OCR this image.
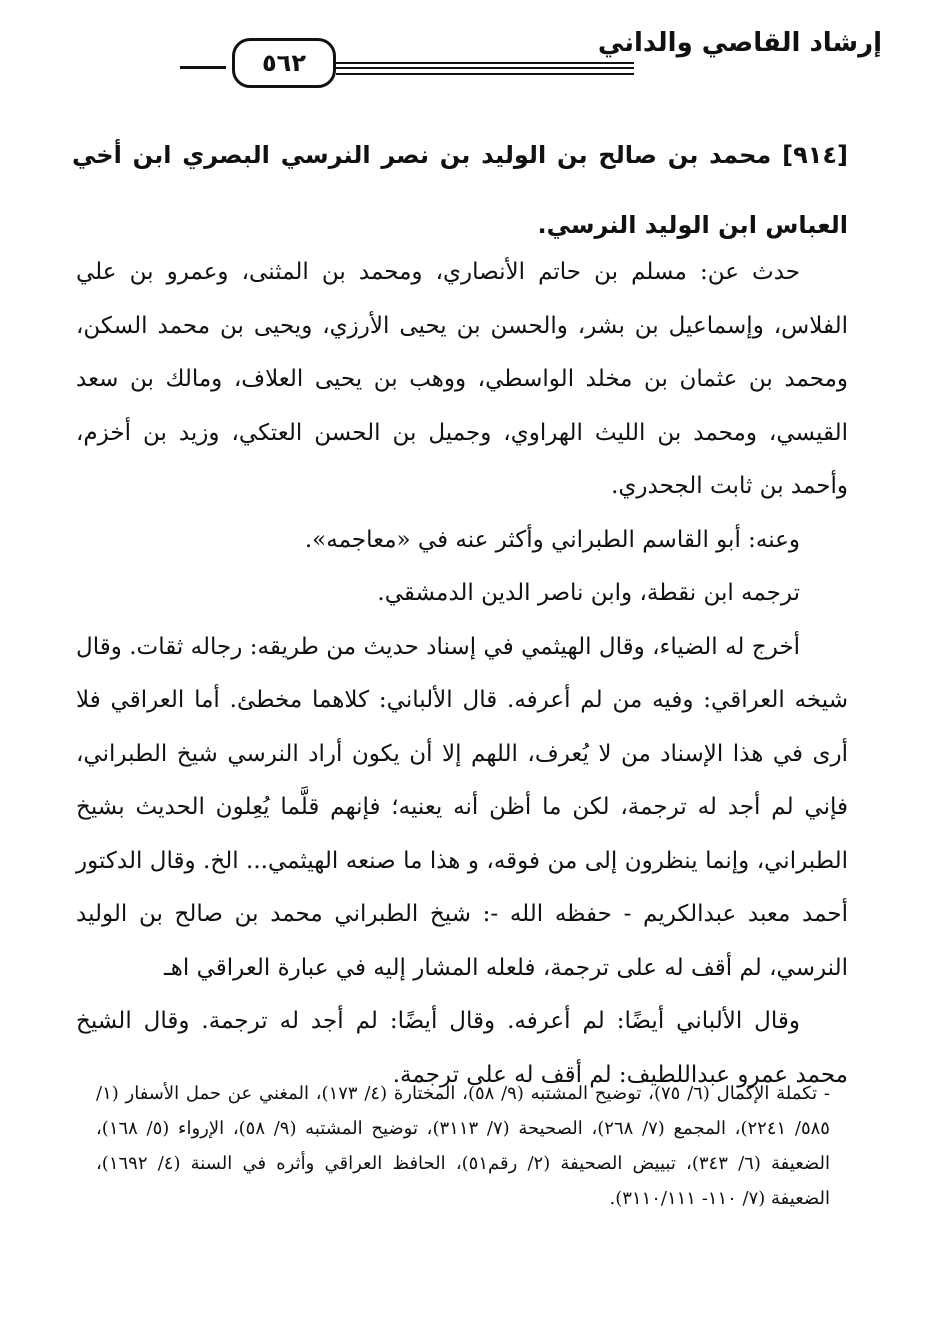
إرشاد القاصي والداني
٥٦٢
[٩١٤] محمد بن صالح بن الوليد بن نصر النرسي البصري ابن أخي العباس ابن الوليد النرسي.

حدث عن: مسلم بن حاتم الأنصاري، ومحمد بن المثنى، وعمرو بن علي الفلاس، وإسماعيل بن بشر، والحسن بن يحيى الأرزي، ويحيى بن محمد السكن، ومحمد بن عثمان بن مخلد الواسطي، ووهب بن يحيى العلاف، ومالك بن سعد القيسي، ومحمد بن الليث الهراوي، وجميل بن الحسن العتكي، وزيد بن أخزم، وأحمد بن ثابت الجحدري.

وعنه: أبو القاسم الطبراني وأكثر عنه في «معاجمه».

ترجمه ابن نقطة، وابن ناصر الدين الدمشقي.

أخرج له الضياء، وقال الهيثمي في إسناد حديث من طريقه: رجاله ثقات. وقال شيخه العراقي: وفيه من لم أعرفه. قال الألباني: كلاهما مخطئ. أما العراقي فلا أرى في هذا الإسناد من لا يُعرف، اللهم إلا أن يكون أراد النرسي شيخ الطبراني، فإني لم أجد له ترجمة، لكن ما أظن أنه يعنيه؛ فإنهم قلَّما يُعِلون الحديث بشيخ الطبراني، وإنما ينظرون إلى من فوقه، و هذا ما صنعه الهيثمي... الخ. وقال الدكتور أحمد معبد عبدالكريم - حفظه الله -: شيخ الطبراني محمد بن صالح بن الوليد النرسي، لم أقف له على ترجمة، فلعله المشار إليه في عبارة العراقي اهـ

وقال الألباني أيضًا: لم أعرفه. وقال أيضًا: لم أجد له ترجمة. وقال الشيخ محمد عمرو عبداللطيف: لم أقف له على ترجمة.

- تكملة الإكمال (٦/ ٧٥)، توضيح المشتبه (٩/ ٥٨)، المختارة (٤/ ١٧٣)، المغني عن حمل الأسفار (١/ ٥٨٥/ ٢٢٤١)، المجمع (٧/ ٢٦٨)، الصحيحة (٧/ ٣١١٣)، توضيح المشتبه (٩/ ٥٨)، الإرواء (٥/ ١٦٨)، الضعيفة (٦/ ٣٤٣)، تبييض الصحيفة (٢/ رقم٥١)، الحافظ العراقي وأثره في السنة (٤/ ١٦٩٢)، الضعيفة (٧/ ١١٠- ٣١١٠/١١١).
